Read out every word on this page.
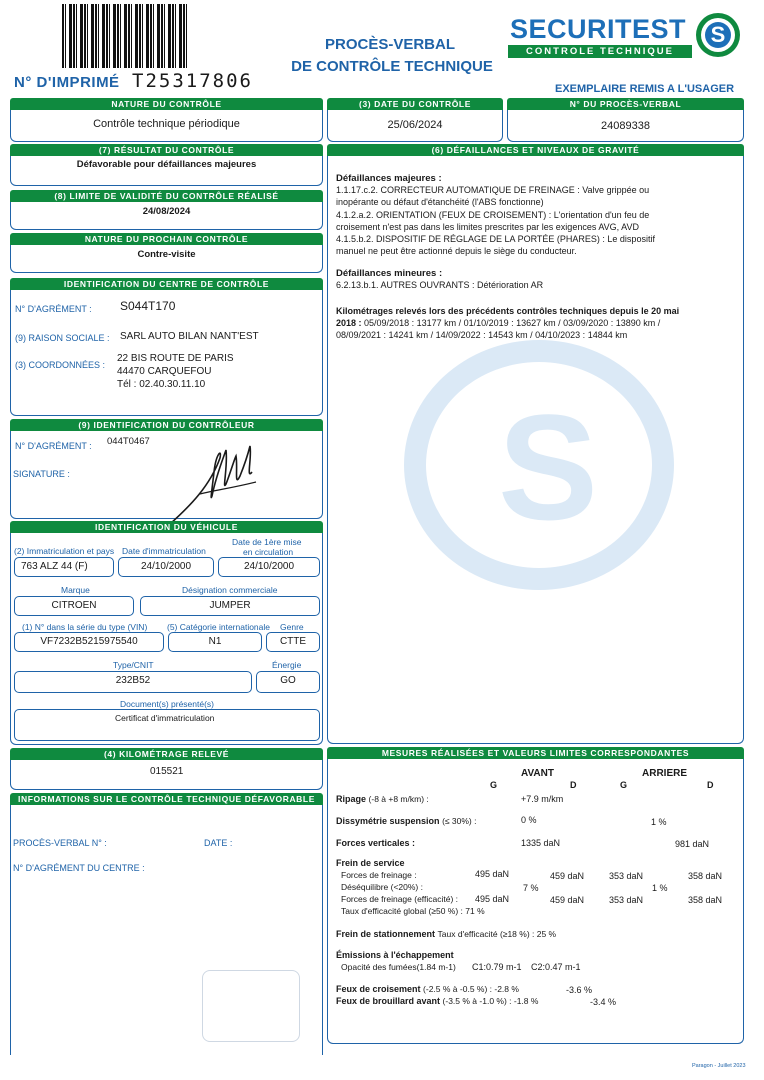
N° D'IMPRIMÉ T25317806
PROCÈS-VERBAL
DE CONTRÔLE TECHNIQUE
SECURITEST
CONTROLE TECHNIQUE
S
EXEMPLAIRE REMIS A L'USAGER
NATURE DU CONTRÔLE
Contrôle technique périodique
(3) DATE DU CONTRÔLE
25/06/2024
N° DU PROCÈS-VERBAL
24089338
(7) RÉSULTAT DU CONTRÔLE
Défavorable pour défaillances majeures
(8) LIMITE DE VALIDITÉ DU CONTRÔLE RÉALISÉ
24/08/2024
NATURE DU PROCHAIN CONTRÔLE
Contre-visite
IDENTIFICATION DU CENTRE DE CONTRÔLE
N° D'AGRÉMENT : S044T170
(9) RAISON SOCIALE : SARL AUTO BILAN NANT'EST
(3) COORDONNÉES :
22 BIS ROUTE DE PARIS
44470 CARQUEFOU
Tél : 02.40.30.11.10
(9) IDENTIFICATION DU CONTRÔLEUR
N° D'AGRÉMENT : 044T0467
SIGNATURE :
IDENTIFICATION DU VÉHICULE
(2) Immatriculation et pays
763 ALZ 44 (F)
Date d'immatriculation
24/10/2000
Date de 1ère mise
en circulation
24/10/2000
Marque
CITROEN
Désignation commerciale
JUMPER
(1) N° dans la série du type (VIN)
VF7232B5215975540
(5) Catégorie internationale
N1
Genre
CTTE
Type/CNIT
232B52
Énergie
GO
Document(s) présenté(s)
Certificat d'immatriculation
(4) KILOMÉTRAGE RELEVÉ
015521
INFORMATIONS SUR LE CONTRÔLE TECHNIQUE DÉFAVORABLE
PROCÈS-VERBAL N° :	DATE :
N° D'AGRÉMENT DU CENTRE :
(6) DÉFAILLANCES ET NIVEAUX DE GRAVITÉ
S
Défaillances majeures :
1.1.17.c.2. CORRECTEUR AUTOMATIQUE DE FREINAGE : Valve grippée ou
inopérante ou défaut d'étanchéité (l'ABS fonctionne)
4.1.2.a.2. ORIENTATION (FEUX DE CROISEMENT) : L'orientation d'un feu de
croisement n'est pas dans les limites prescrites par les exigences AVG, AVD
4.1.5.b.2. DISPOSITIF DE RÉGLAGE DE LA PORTÉE (PHARES) : Le dispositif
manuel ne peut être actionné depuis le siège du conducteur.
Défaillances mineures :
6.2.13.b.1. AUTRES OUVRANTS : Détérioration AR
Kilométrages relevés lors des précédents contrôles techniques depuis le 20 mai
2018 : 05/09/2018 : 13177 km / 01/10/2019 : 13627 km / 03/09/2020 : 13890 km /
08/09/2021 : 14241 km / 14/09/2022 : 14543 km / 04/10/2023 : 14844 km
MESURES RÉALISÉES ET VALEURS LIMITES CORRESPONDANTES
AVANT	ARRIERE
G	D	G	D
Ripage (-8 à +8 m/km) :	+7.9 m/km
Dissymétrie suspension (≤ 30%) :	0 %	1 %
Forces verticales :	1335 daN	981 daN
Frein de service
Forces de freinage :	495 daN	459 daN	353 daN	358 daN
Déséquilibre (<20%) :	7 %	1 %
Forces de freinage (efficacité) : 495 daN	459 daN	353 daN	358 daN
Taux d'efficacité global (≥50 %) : 71 %
Frein de stationnement Taux d'efficacité (≥18 %) : 25 %
Émissions à l'échappement
Opacité des fumées(1.84 m-1) C1:0.79 m-1 C2:0.47 m-1
Feux de croisement (-2.5 % à -0.5 %) : -2.8 %	-3.6 %
Feux de brouillard avant (-3.5 % à -1.0 %) : -1.8 %	-3.4 %
Paragon - Juillet 2023
